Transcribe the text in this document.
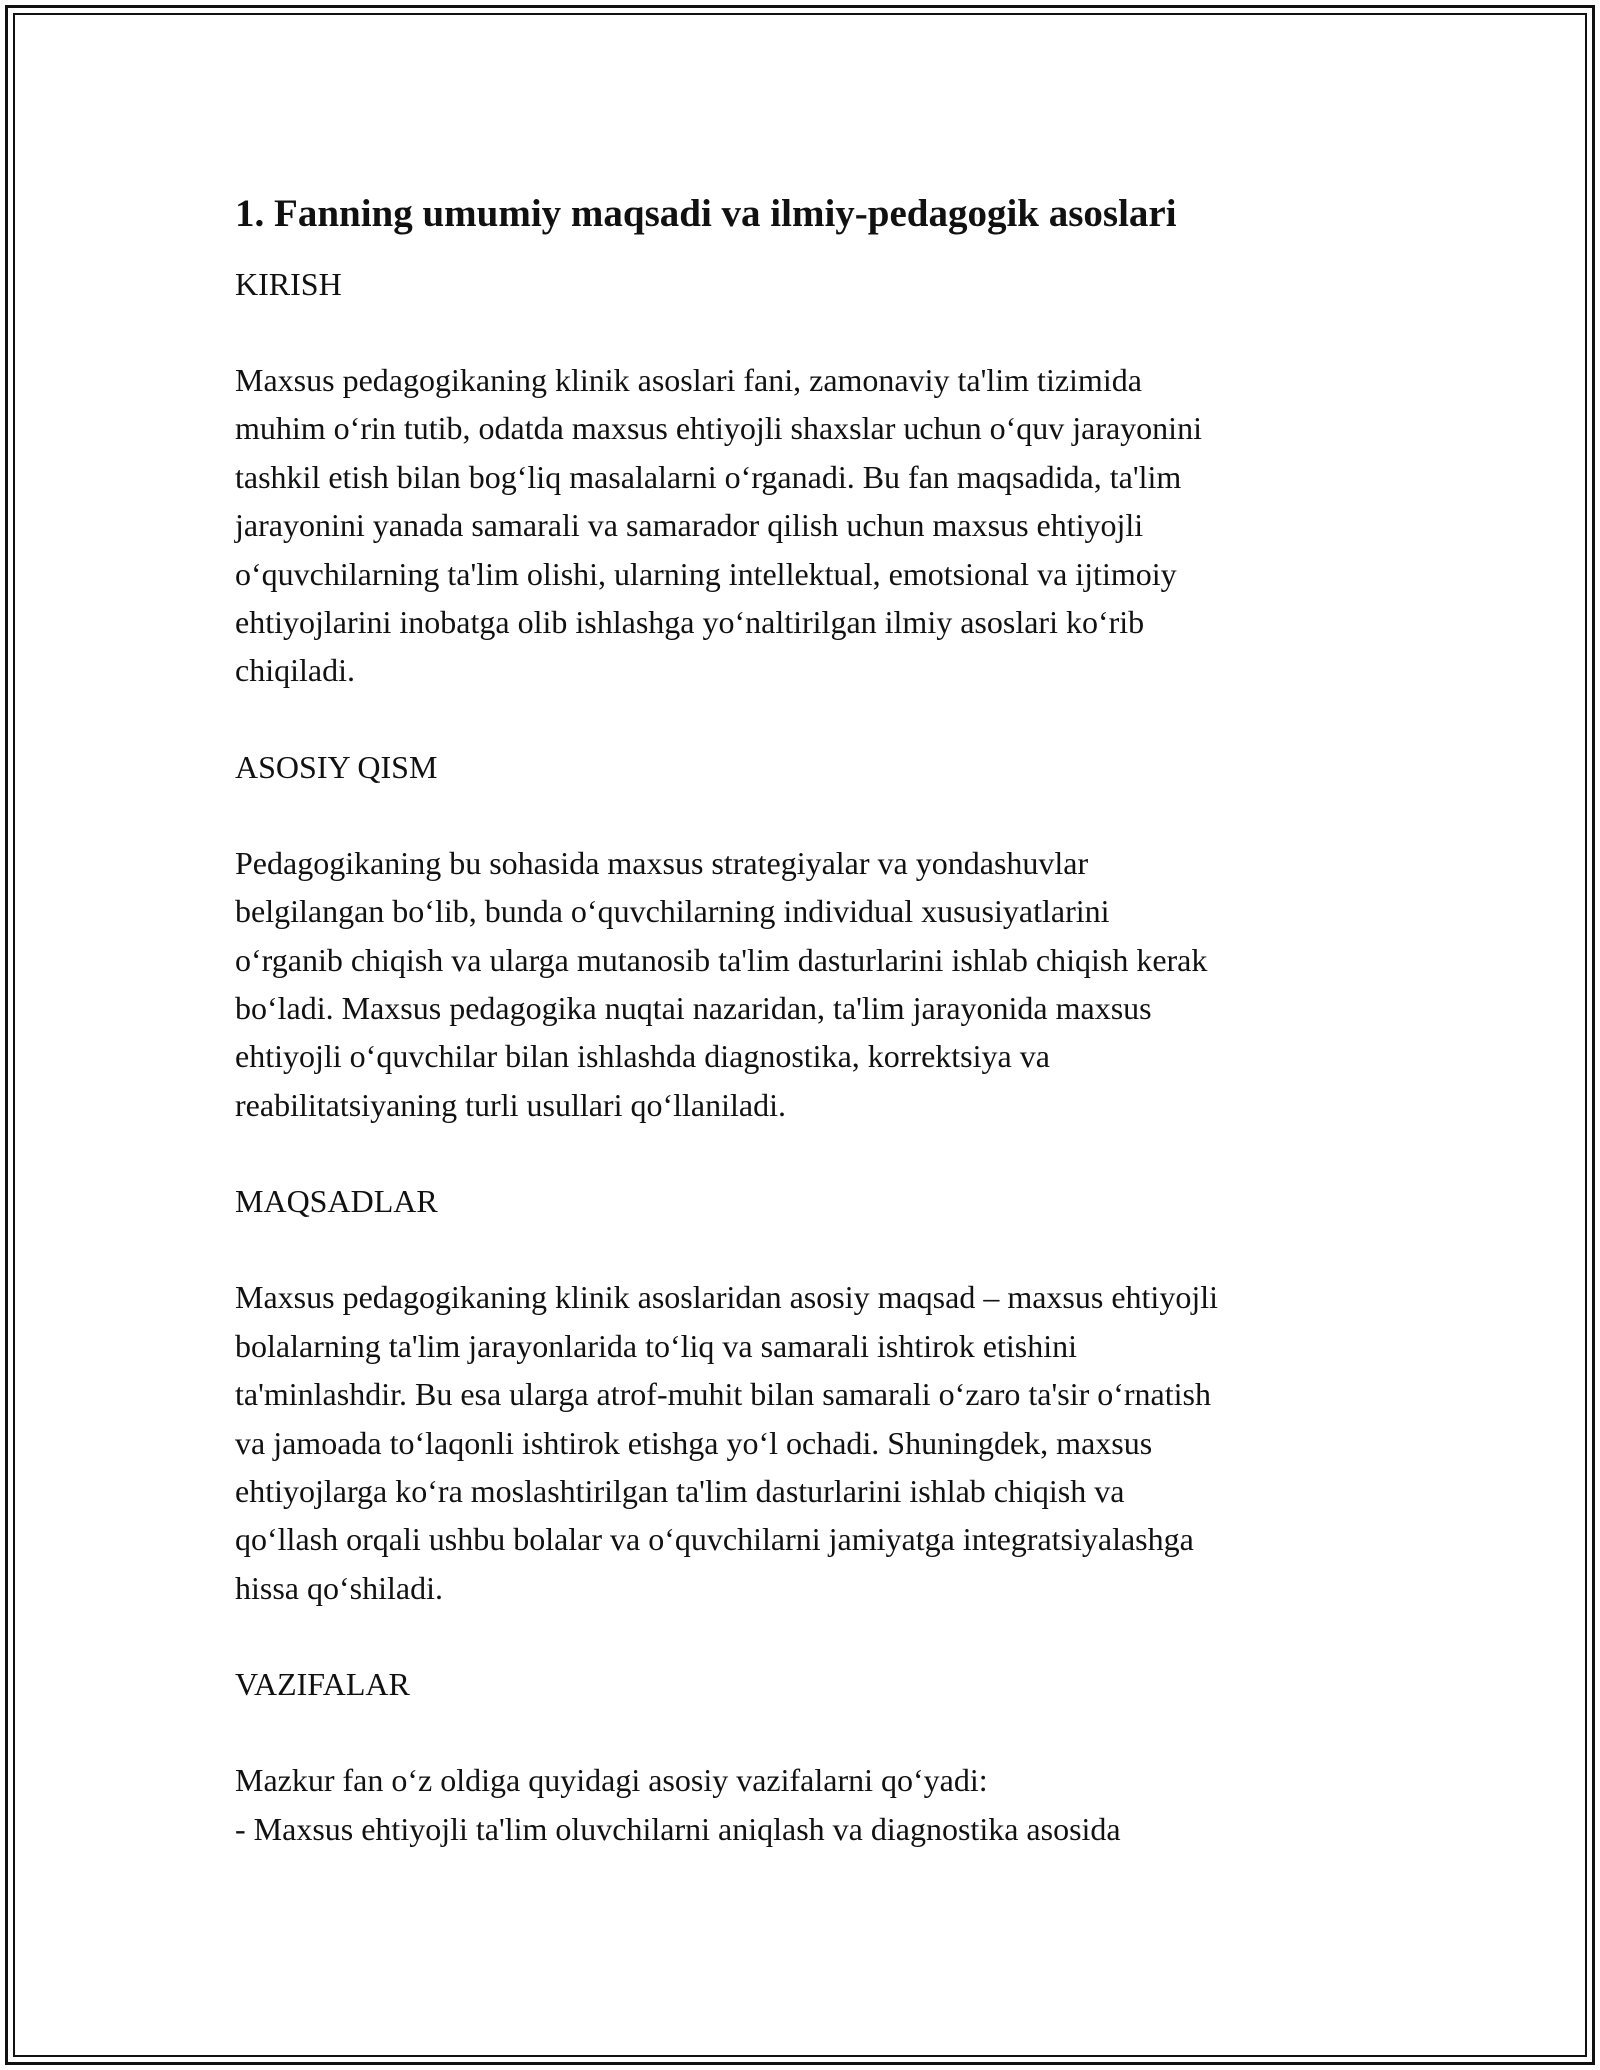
1. Fanning umumiy maqsadi va ilmiy-pedagogik asoslari
KIRISH

Maxsus pedagogikaning klinik asoslari fani, zamonaviy ta'lim tizimida
muhim o‘rin tutib, odatda maxsus ehtiyojli shaxslar uchun o‘quv jarayonini
tashkil etish bilan bog‘liq masalalarni o‘rganadi. Bu fan maqsadida, ta'lim
jarayonini yanada samarali va samarador qilish uchun maxsus ehtiyojli
o‘quvchilarning ta'lim olishi, ularning intellektual, emotsional va ijtimoiy
ehtiyojlarini inobatga olib ishlashga yo‘naltirilgan ilmiy asoslari ko‘rib
chiqiladi.

ASOSIY QISM

Pedagogikaning bu sohasida maxsus strategiyalar va yondashuvlar
belgilangan bo‘lib, bunda o‘quvchilarning individual xususiyatlarini
o‘rganib chiqish va ularga mutanosib ta'lim dasturlarini ishlab chiqish kerak
bo‘ladi. Maxsus pedagogika nuqtai nazaridan, ta'lim jarayonida maxsus
ehtiyojli o‘quvchilar bilan ishlashda diagnostika, korrektsiya va
reabilitatsiyaning turli usullari qo‘llaniladi.

MAQSADLAR

Maxsus pedagogikaning klinik asoslaridan asosiy maqsad – maxsus ehtiyojli
bolalarning ta'lim jarayonlarida to‘liq va samarali ishtirok etishini
ta'minlashdir. Bu esa ularga atrof-muhit bilan samarali o‘zaro ta'sir o‘rnatish
va jamoada to‘laqonli ishtirok etishga yo‘l ochadi. Shuningdek, maxsus
ehtiyojlarga ko‘ra moslashtirilgan ta'lim dasturlarini ishlab chiqish va
qo‘llash orqali ushbu bolalar va o‘quvchilarni jamiyatga integratsiyalashga
hissa qo‘shiladi.

VAZIFALAR

Mazkur fan o‘z oldiga quyidagi asosiy vazifalarni qo‘yadi:
- Maxsus ehtiyojli ta'lim oluvchilarni aniqlash va diagnostika asosida
